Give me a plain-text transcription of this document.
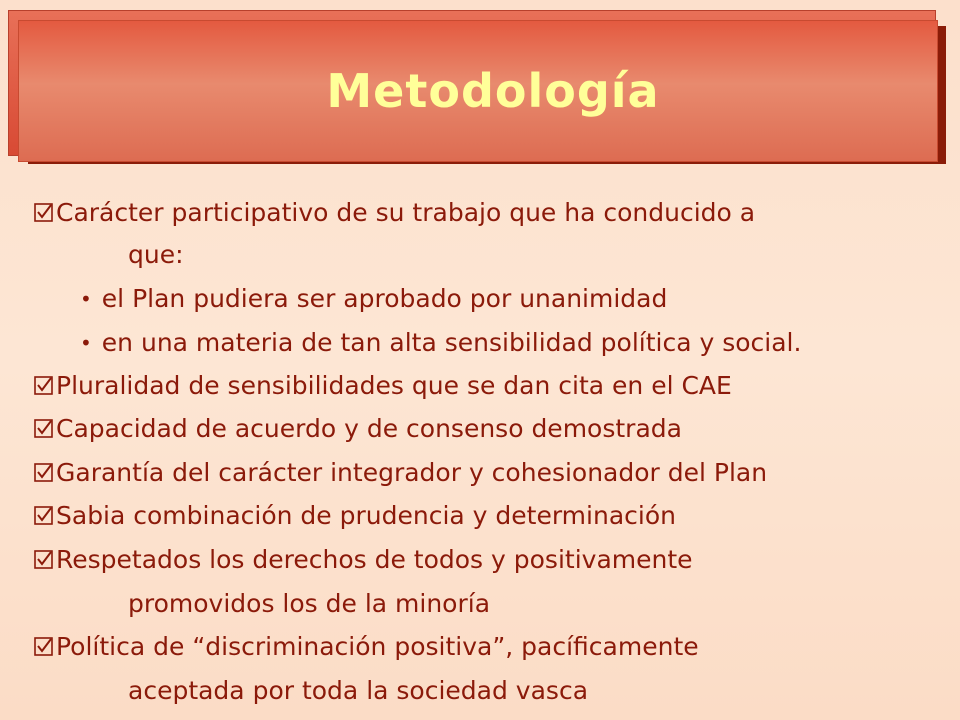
Metodología
Carácter participativo de su trabajo que ha conducido a
que:
• el Plan pudiera ser aprobado por unanimidad
• en una materia de tan alta sensibilidad política y social.
Pluralidad de sensibilidades que se dan cita en el CAE
Capacidad de acuerdo y de consenso demostrada
Garantía del carácter integrador y cohesionador del Plan
Sabia combinación de prudencia y determinación
Respetados los derechos de todos y positivamente
promovidos los de la minoría
Política de “discriminación positiva”, pacíficamente
aceptada por toda la sociedad vasca
